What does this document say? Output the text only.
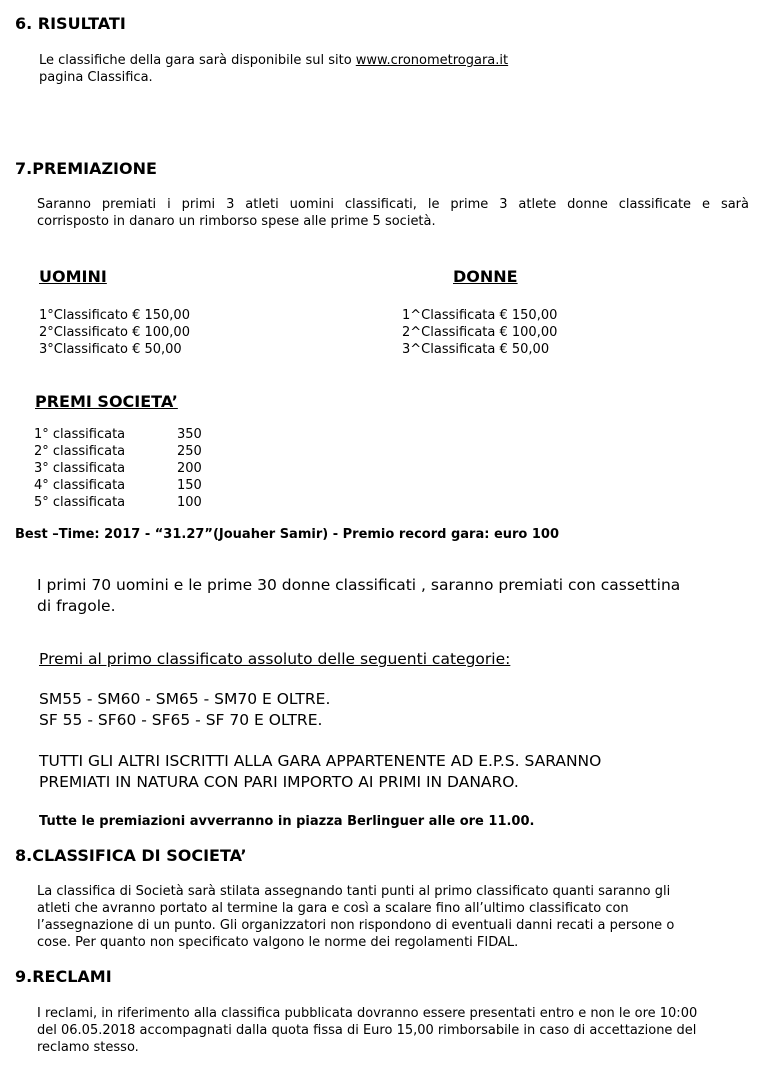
6. RISULTATI
Le classifiche della gara sarà disponibile sul sito www.cronometrogara.it
pagina Classifica.
7.PREMIAZIONE
Saranno premiati i primi 3 atleti uomini classificati, le prime 3 atlete donne classificate e sarà
corrisposto in danaro un rimborso spese alle prime 5 società.
UOMINI	DONNE
1°Classificato € 150,00
2°Classificato € 100,00
3°Classificato € 50,00
1^Classificata € 150,00
2^Classificata € 100,00
3^Classificata € 50,00
PREMI SOCIETA’
1° classificata
2° classificata
3° classificata
4° classificata
5° classificata
350
250
200
150
100
Best –Time: 2017 - “31.27”(Jouaher Samir) - Premio record gara: euro 100
I primi 70 uomini e le prime 30 donne classificati , saranno premiati con cassettina
di fragole.
Premi al primo classificato assoluto delle seguenti categorie:
SM55 - SM60 - SM65 - SM70 E OLTRE.
SF 55 - SF60 - SF65 - SF 70 E OLTRE.
TUTTI GLI ALTRI ISCRITTI ALLA GARA APPARTENENTE AD E.P.S. SARANNO
PREMIATI IN NATURA CON PARI IMPORTO AI PRIMI IN DANARO.
Tutte le premiazioni avverranno in piazza Berlinguer alle ore 11.00.
8.CLASSIFICA DI SOCIETA’
La classifica di Società sarà stilata assegnando tanti punti al primo classificato quanti saranno gli
atleti che avranno portato al termine la gara e così a scalare fino all’ultimo classificato con
l’assegnazione di un punto. Gli organizzatori non rispondono di eventuali danni recati a persone o
cose. Per quanto non specificato valgono le norme dei regolamenti FIDAL.
9.RECLAMI
I reclami, in riferimento alla classifica pubblicata dovranno essere presentati entro e non le ore 10:00
del 06.05.2018 accompagnati dalla quota fissa di Euro 15,00 rimborsabile in caso di accettazione del
reclamo stesso.
